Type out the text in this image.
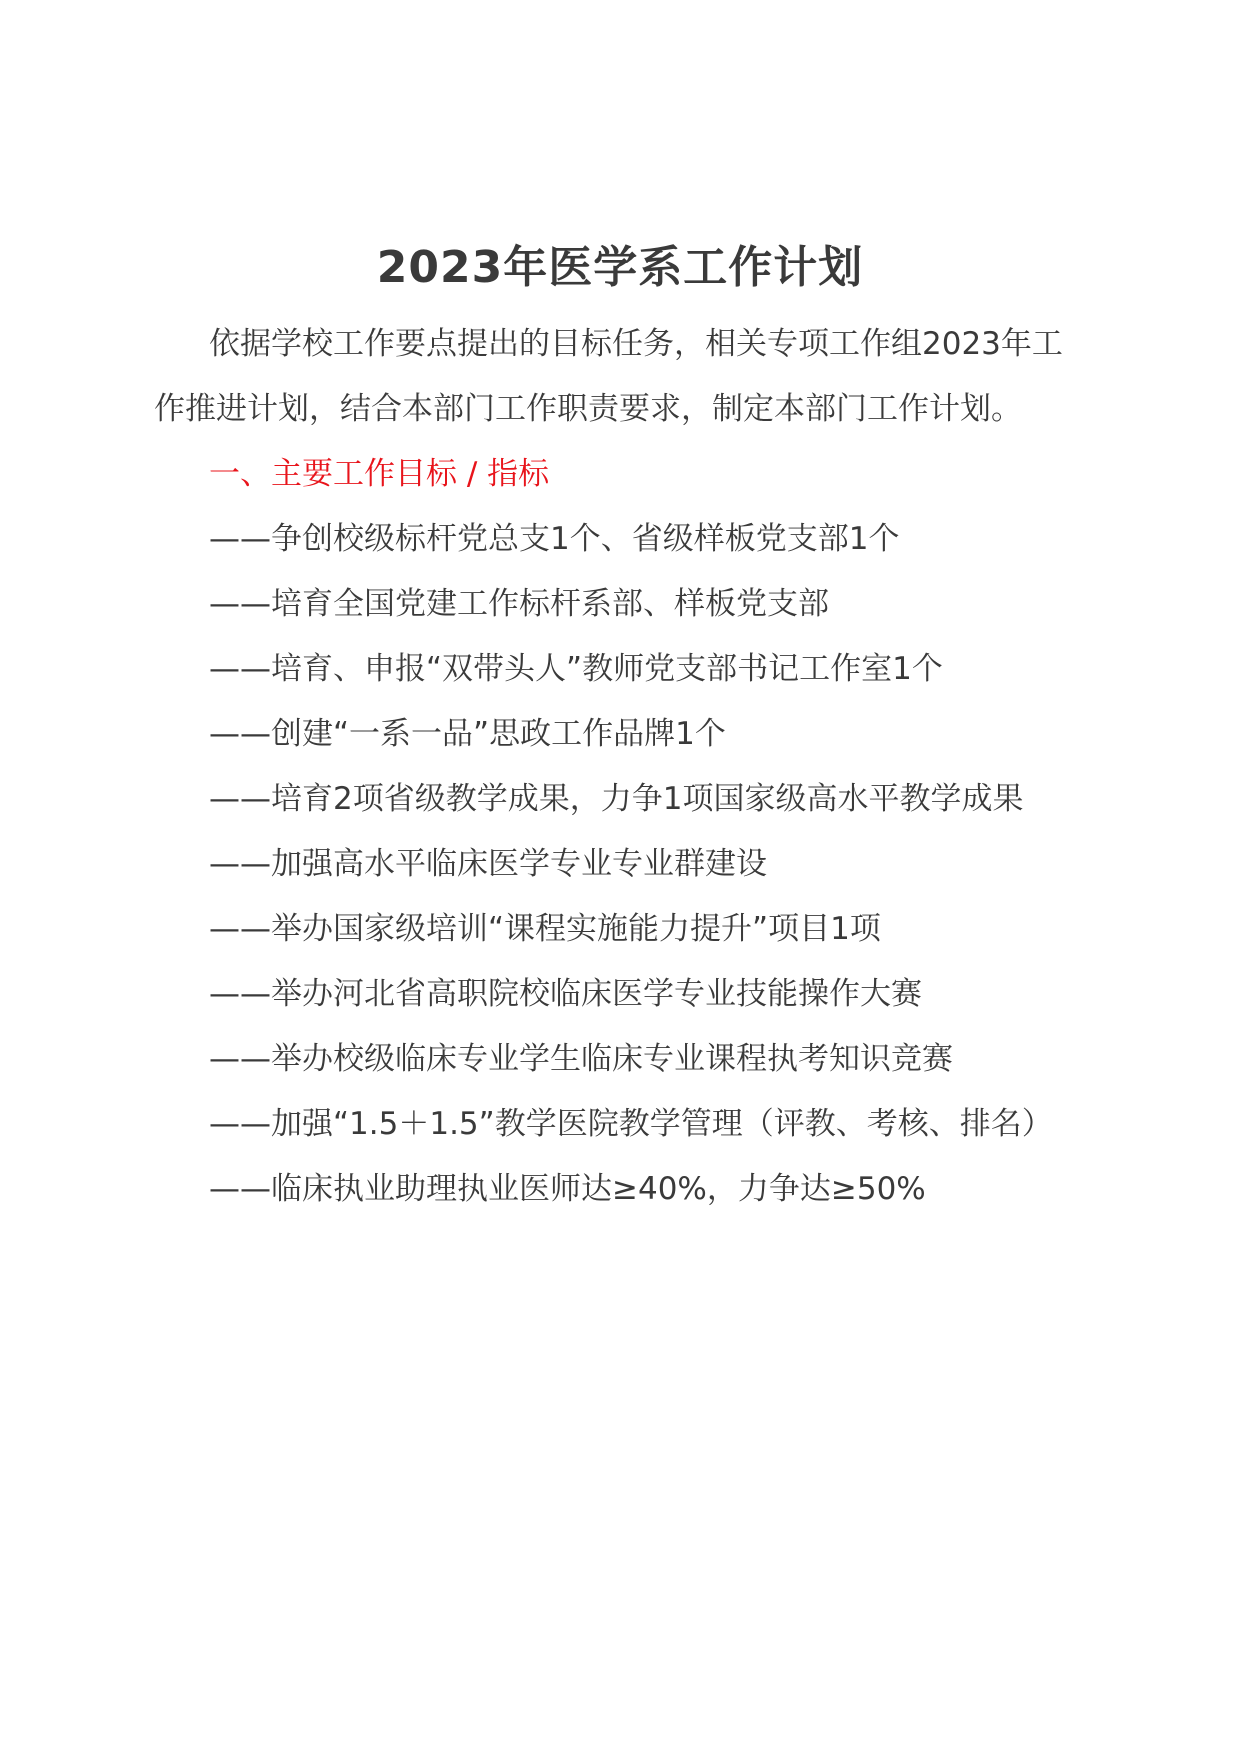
2023年医学系工作计划

依据学校工作要点提出的目标任务，相关专项工作组2023年工作推进计划，结合本部门工作职责要求，制定本部门工作计划。

一、主要工作目标 / 指标

——争创校级标杆党总支1个、省级样板党支部1个

——培育全国党建工作标杆系部、样板党支部

——培育、申报“双带头人”教师党支部书记工作室1个

——创建“一系一品”思政工作品牌1个

——培育2项省级教学成果，力争1项国家级高水平教学成果

——加强高水平临床医学专业专业群建设

——举办国家级培训“课程实施能力提升”项目1项

——举办河北省高职院校临床医学专业技能操作大赛

——举办校级临床专业学生临床专业课程执考知识竞赛

——加强“1.5＋1.5”教学医院教学管理（评教、考核、排名）

——临床执业助理执业医师达≥40%，力争达≥50%
